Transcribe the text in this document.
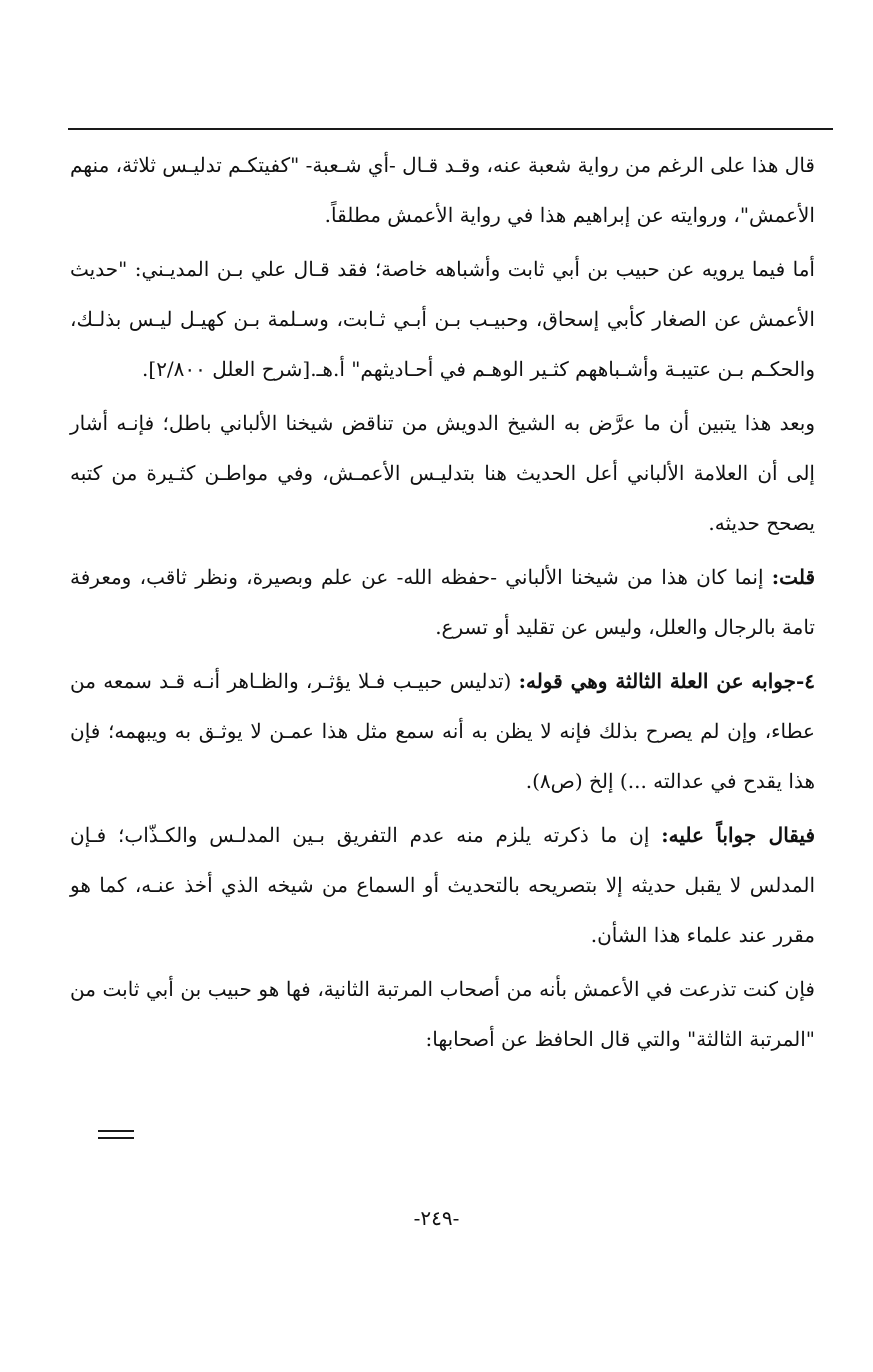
قال هذا على الرغم من رواية شعبة عنه، وقـد قـال -أي شـعبة- "كفيتكـم تدليـس ثلاثة، منهم الأعمش"، وروايته عن إبراهيم هذا في رواية الأعمش مطلقاً.

أما فيما يرويه عن حبيب بن أبي ثابت وأشباهه خاصة؛ فقد قـال علي بـن المديـني: "حديث الأعمش عن الصغار كأبي إسحاق، وحبيـب بـن أبـي ثـابت، وسـلمة بـن كهيـل ليـس بذلـك، والحكـم بـن عتيبـة وأشـباههم كثـير الوهـم في أحـاديثهم" أ.هـ.[شرح العلل ٢/٨٠٠].

وبعد هذا يتبين أن ما عرَّض به الشيخ الدويش من تناقض شيخنا الألباني باطل؛ فإنـه أشار إلى أن العلامة الألباني أعل الحديث هنا بتدليـس الأعمـش، وفي مواطـن كثـيرة من كتبه يصحح حديثه.

قلت: إنما كان هذا من شيخنا الألباني -حفظه الله- عن علم وبصيرة، ونظر ثاقب، ومعرفة تامة بالرجال والعلل، وليس عن تقليد أو تسرع.

٤-جوابه عن العلة الثالثة وهي قوله: (تدليس حبيـب فـلا يؤثـر، والظـاهر أنـه قـد سمعه من عطاء، وإن لم يصرح بذلك فإنه لا يظن به أنه سمع مثل هذا عمـن لا يوثـق به ويبهمه؛ فإن هذا يقدح في عدالته ...) إلخ (ص٨).

فيقال جواباً عليه: إن ما ذكرته يلزم منه عدم التفريق بـين المدلـس والكـذّاب؛ فـإن المدلس لا يقبل حديثه إلا بتصريحه بالتحديث أو السماع من شيخه الذي أخذ عنـه، كما هو مقرر عند علماء هذا الشأن.

فإن كنت تذرعت في الأعمش بأنه من أصحاب المرتبة الثانية، فها هو حبيب بن أبي ثابت من "المرتبة الثالثة" والتي قال الحافظ عن أصحابها:

-٢٤٩-
